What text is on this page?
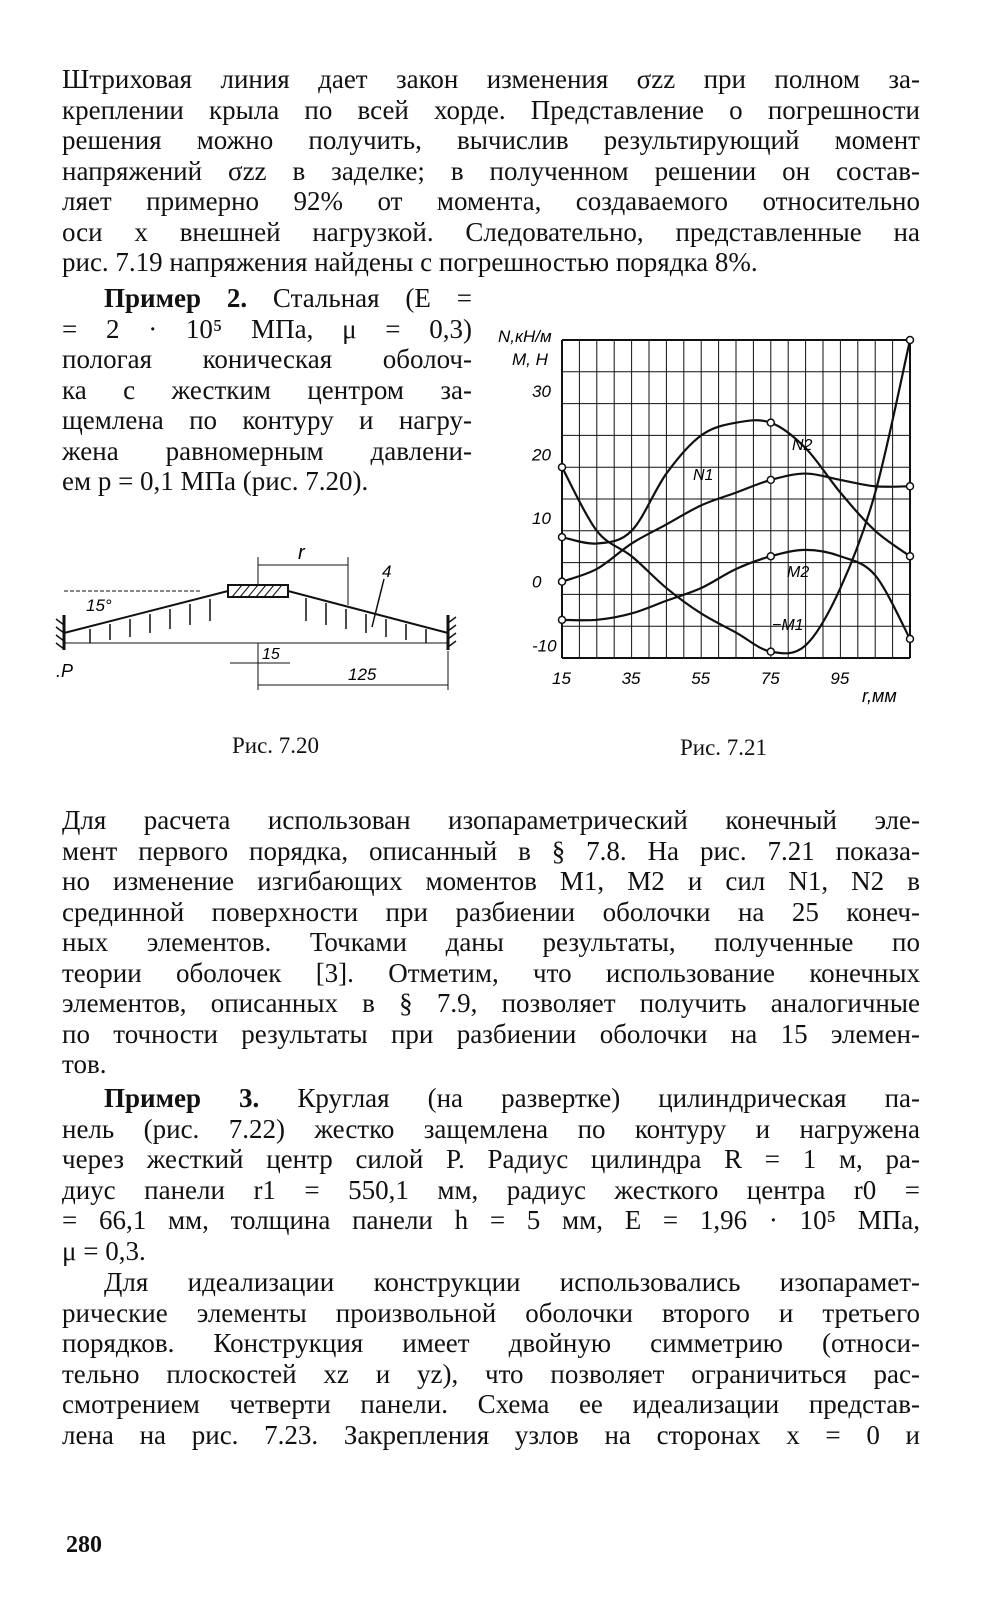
Штриховая линия дает закон изменения σzz при полном за-
креплении крыла по всей хорде. Представление о погрешности
решения можно получить, вычислив результирующий момент
напряжений σzz в заделке; в полученном решении он состав-
ляет примерно 92% от момента, создаваемого относительно
оси x внешней нагрузкой. Следовательно, представленные на
рис. 7.19 напряжения найдены с погрешностью порядка 8%.
Пример 2. Стальная (E =
= 2 · 10⁵ МПа, μ = 0,3)
пологая коническая оболоч-
ка с жестким центром за-
щемлена по контуру и нагру-
жена равномерным давлени-
ем p = 0,1 МПа (рис. 7.20).
r
15°
4
.P
15
125
Рис. 7.20
N,кН/м
M, H
r,мм
15	35	55	75	95
-10
0
10
20
30
N2
N1
M2
−M1
Рис. 7.21
Для расчета использован изопараметрический конечный эле-
мент первого порядка, описанный в § 7.8. На рис. 7.21 показа-
но изменение изгибающих моментов M1, M2 и сил N1, N2 в
срединной поверхности при разбиении оболочки на 25 конеч-
ных элементов. Точками даны результаты, полученные по
теории оболочек [3]. Отметим, что использование конечных
элементов, описанных в § 7.9, позволяет получить аналогичные
по точности результаты при разбиении оболочки на 15 элемен-
тов.
Пример 3. Круглая (на развертке) цилиндрическая па-
нель (рис. 7.22) жестко защемлена по контуру и нагружена
через жесткий центр силой P. Радиус цилиндра R = 1 м, ра-
диус панели r1 = 550,1 мм, радиус жесткого центра r0 =
= 66,1 мм, толщина панели h = 5 мм, E = 1,96 · 10⁵ МПа,
μ = 0,3.
Для идеализации конструкции использовались изопарамет-
рические элементы произвольной оболочки второго и третьего
порядков. Конструкция имеет двойную симметрию (относи-
тельно плоскостей xz и yz), что позволяет ограничиться рас-
смотрением четверти панели. Схема ее идеализации представ-
лена на рис. 7.23. Закрепления узлов на сторонах x = 0 и
280
